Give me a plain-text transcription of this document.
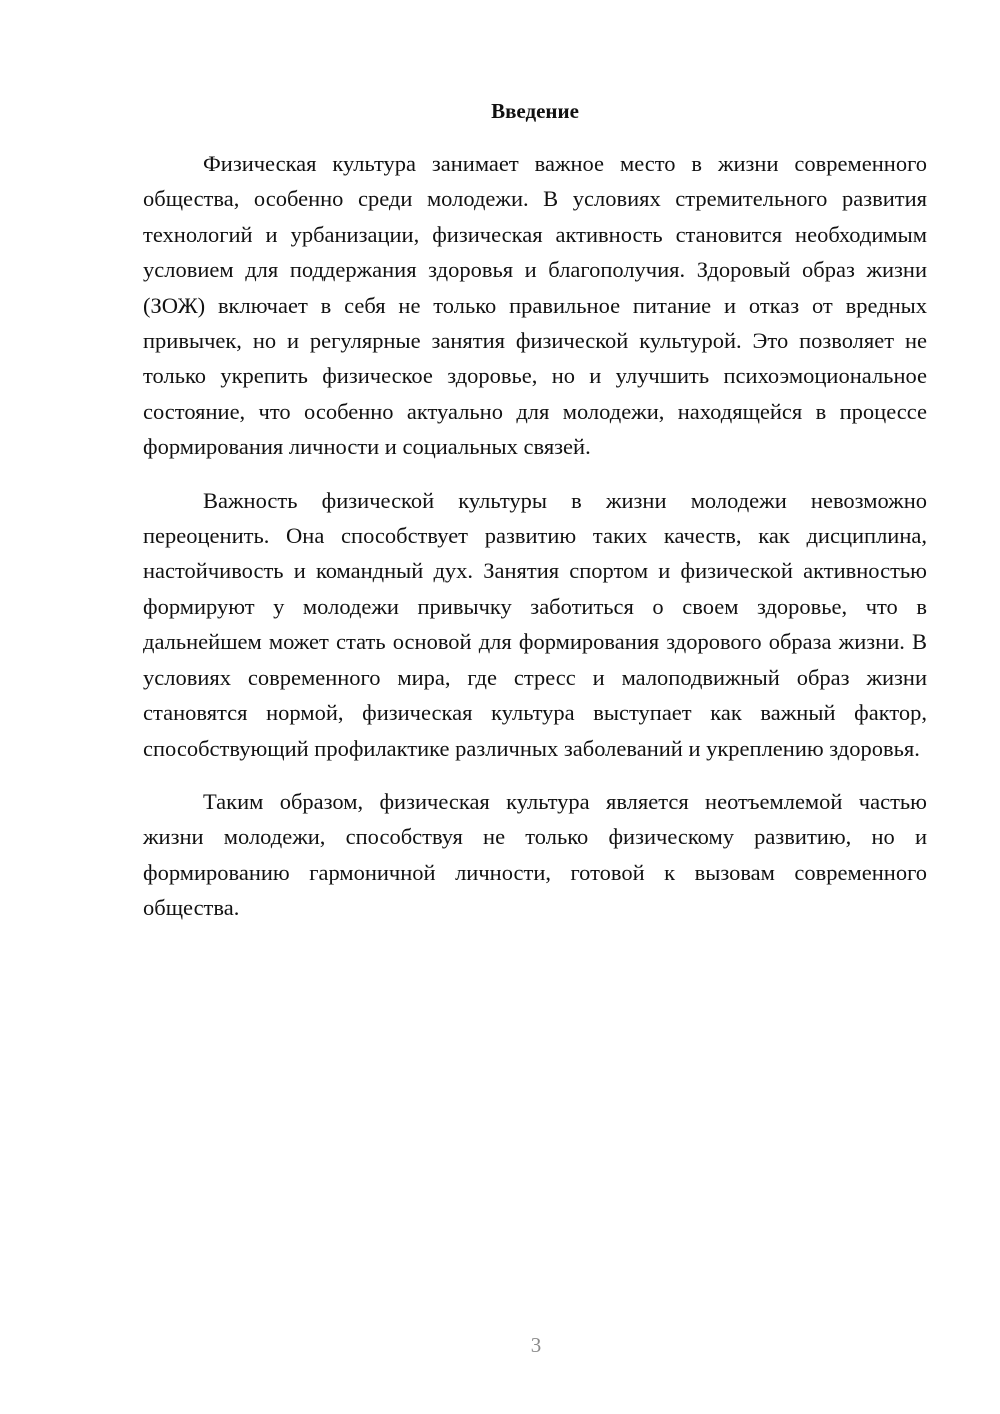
Введение

Физическая культура занимает важное место в жизни современного общества, особенно среди молодежи. В условиях стремительного развития технологий и урбанизации, физическая активность становится необходимым условием для поддержания здоровья и благополучия. Здоровый образ жизни (ЗОЖ) включает в себя не только правильное питание и отказ от вредных привычек, но и регулярные занятия физической культурой. Это позволяет не только укрепить физическое здоровье, но и улучшить психоэмоциональное состояние, что особенно актуально для молодежи, находящейся в процессе формирования личности и социальных связей.

Важность физической культуры в жизни молодежи невозможно переоценить. Она способствует развитию таких качеств, как дисциплина, настойчивость и командный дух. Занятия спортом и физической активностью формируют у молодежи привычку заботиться о своем здоровье, что в дальнейшем может стать основой для формирования здорового образа жизни. В условиях современного мира, где стресс и малоподвижный образ жизни становятся нормой, физическая культура выступает как важный фактор, способствующий профилактике различных заболеваний и укреплению здоровья.

Таким образом, физическая культура является неотъемлемой частью жизни молодежи, способствуя не только физическому развитию, но и формированию гармоничной личности, готовой к вызовам современного общества.

3
